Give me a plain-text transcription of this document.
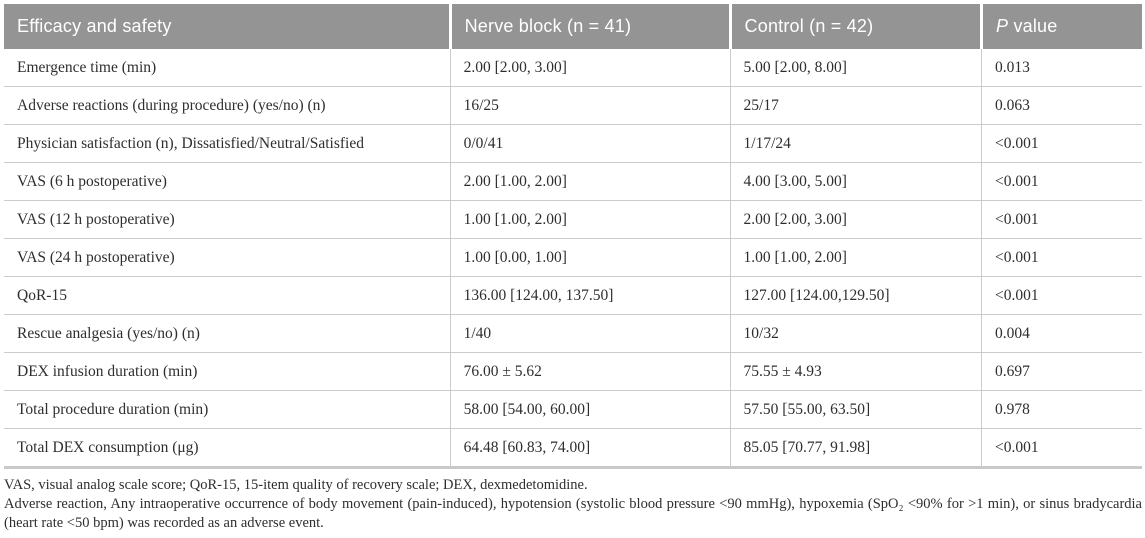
Efficacy and safety	Nerve block (n = 41)	Control (n = 42)	P value
Emergence time (min)	2.00 [2.00, 3.00]	5.00 [2.00, 8.00]	0.013
Adverse reactions (during procedure) (yes/no) (n)	16/25	25/17	0.063
Physician satisfaction (n), Dissatisfied/Neutral/Satisfied	0/0/41	1/17/24	<0.001
VAS (6 h postoperative)	2.00 [1.00, 2.00]	4.00 [3.00, 5.00]	<0.001
VAS (12 h postoperative)	1.00 [1.00, 2.00]	2.00 [2.00, 3.00]	<0.001
VAS (24 h postoperative)	1.00 [0.00, 1.00]	1.00 [1.00, 2.00]	<0.001
QoR-15	136.00 [124.00, 137.50]	127.00 [124.00,129.50]	<0.001
Rescue analgesia (yes/no) (n)	1/40	10/32	0.004
DEX infusion duration (min)	76.00 ± 5.62	75.55 ± 4.93	0.697
Total procedure duration (min)	58.00 [54.00, 60.00]	57.50 [55.00, 63.50]	0.978
Total DEX consumption (μg)	64.48 [60.83, 74.00]	85.05 [70.77, 91.98]	<0.001

VAS, visual analog scale score; QoR-15, 15-item quality of recovery scale; DEX, dexmedetomidine.

Adverse reaction, Any intraoperative occurrence of body movement (pain-induced), hypotension (systolic blood pressure <90 mmHg), hypoxemia (SpO₂ <90% for >1 min), or sinus bradycardia (heart rate <50 bpm) was recorded as an adverse event.
